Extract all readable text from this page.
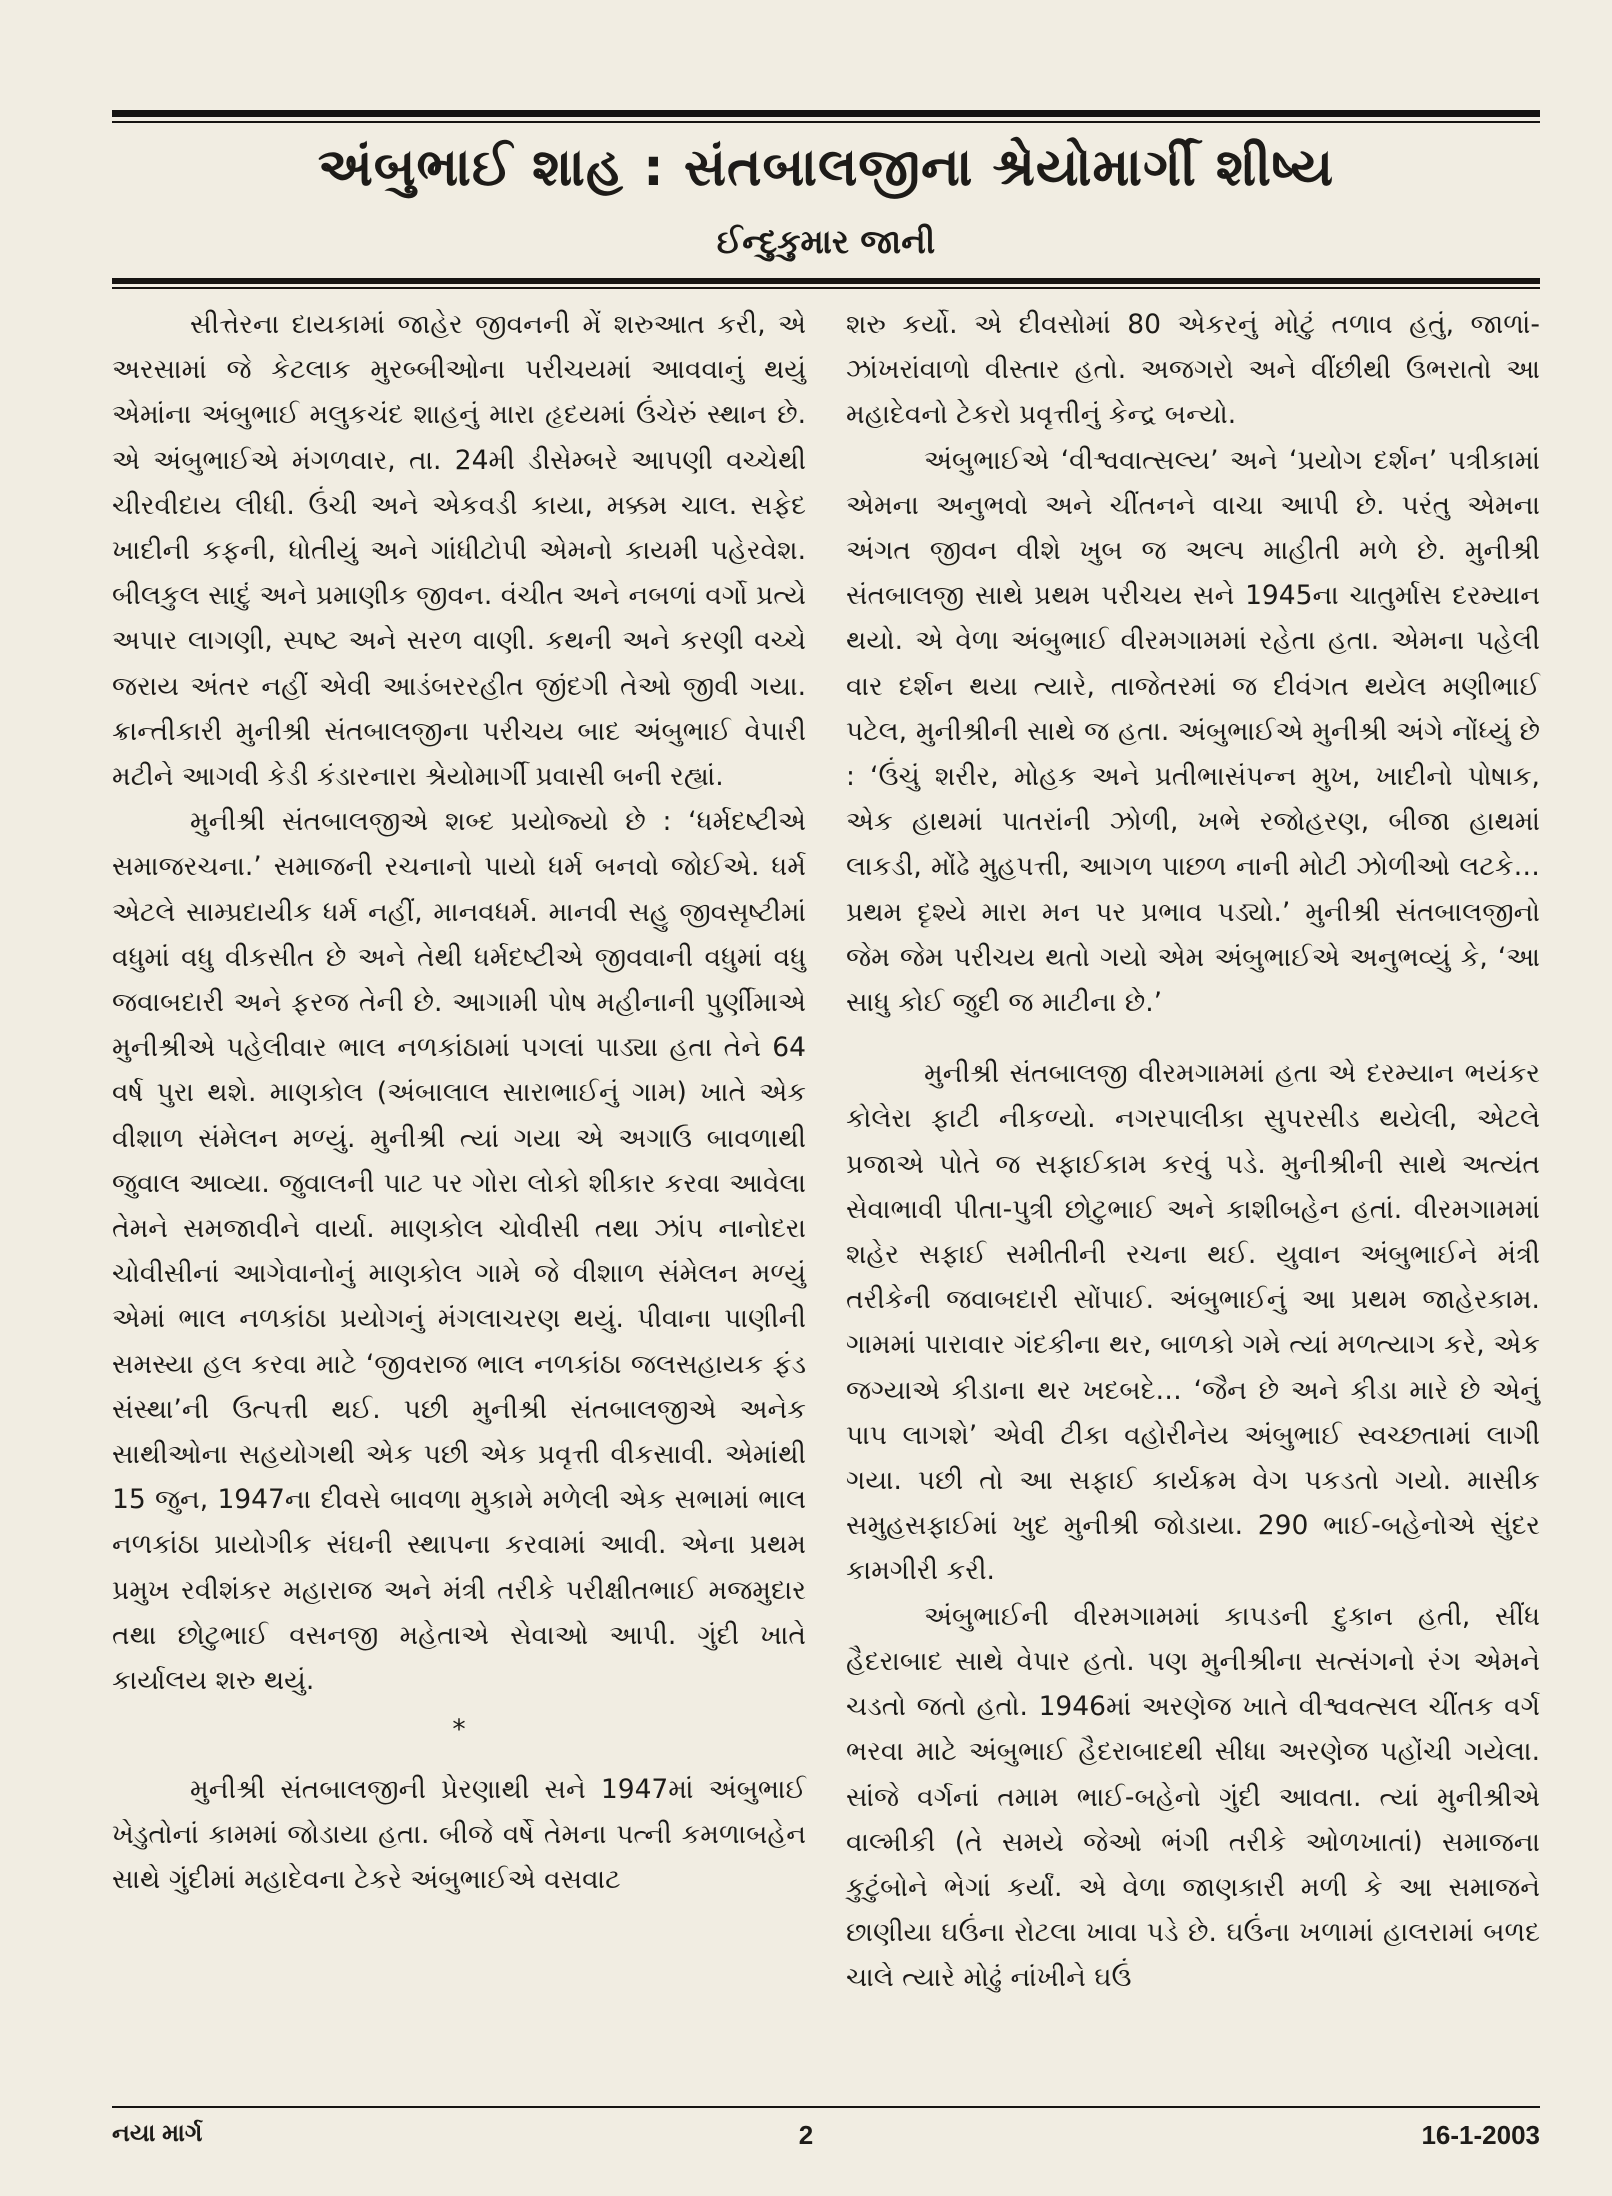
અંબુભાઈ શાહ : સંતબાલજીના શ્રેયોમાર્ગી શીષ્ય
ઈન્દુકુમાર જાની

સીત્તેરના દાયકામાં જાહેર જીવનની મેં શરુઆત કરી, એ અરસામાં જે કેટલાક મુરબ્બીઓના પરીચયમાં આવવાનું થયું એમાંના અંબુભાઈ મલુકચંદ શાહનું મારા હૃદયમાં ઉંચેરું સ્થાન છે. એ અંબુભાઈએ મંગળવાર, તા. 24મી ડીસેમ્બરે આપણી વચ્ચેથી ચીરવીદાય લીધી. ઉંચી અને એકવડી કાયા, મક્કમ ચાલ. સફેદ ખાદીની કફની, ધોતીયું અને ગાંધીટોપી એમનો કાયમી પહેરવેશ. બીલકુલ સાદું અને પ્રમાણીક જીવન. વંચીત અને નબળાં વર્ગો પ્રત્યે અપાર લાગણી, સ્પષ્ટ અને સરળ વાણી. કથની અને કરણી વચ્ચે જરાય અંતર નહીં એવી આડંબરરહીત જીંદગી તેઓ જીવી ગયા. ક્રાન્તીકારી મુનીશ્રી સંતબાલજીના પરીચય બાદ અંબુભાઈ વેપારી મટીને આગવી કેડી કંડારનારા શ્રેયોમાર્ગી પ્રવાસી બની રહ્યાં.

મુનીશ્રી સંતબાલજીએ શબ્દ પ્રયોજ્યો છે : ‘ધર્મદષ્ટીએ સમાજરચના.’ સમાજની રચનાનો પાયો ધર્મ બનવો જોઈએ. ધર્મ એટલે સામ્પ્રદાયીક ધર્મ નહીં, માનવધર્મ. માનવી સહુ જીવસૃષ્ટીમાં વધુમાં વધુ વીકસીત છે અને તેથી ધર્મદષ્ટીએ જીવવાની વધુમાં વધુ જવાબદારી અને ફરજ તેની છે. આગામી પોષ મહીનાની પુર્ણીમાએ મુનીશ્રીએ પહેલીવાર ભાલ નળકાંઠામાં પગલાં પાડ્યા હતા તેને 64 વર્ષ પુરા થશે. માણકોલ (અંબાલાલ સારાભાઈનું ગામ) ખાતે એક વીશાળ સંમેલન મળ્યું. મુનીશ્રી ત્યાં ગયા એ અગાઉ બાવળાથી જુવાલ આવ્યા. જુવાલની પાટ પર ગોરા લોકો શીકાર કરવા આવેલા તેમને સમજાવીને વાર્યા. માણકોલ ચોવીસી તથા ઝાંપ નાનોદરા ચોવીસીનાં આગેવાનોનું માણકોલ ગામે જે વીશાળ સંમેલન મળ્યું એમાં ભાલ નળકાંઠા પ્રયોગનું મંગલાચરણ થયું. પીવાના પાણીની સમસ્યા હલ કરવા માટે ‘જીવરાજ ભાલ નળકાંઠા જલસહાયક ફંડ સંસ્થા’ની ઉત્પત્તી થઈ. પછી મુનીશ્રી સંતબાલજીએ અનેક સાથીઓના સહયોગથી એક પછી એક પ્રવૃત્તી વીકસાવી. એમાંથી 15 જુન, 1947ના દીવસે બાવળા મુકામે મળેલી એક સભામાં ભાલ નળકાંઠા પ્રાયોગીક સંઘની સ્થાપના કરવામાં આવી. એના પ્રથમ પ્રમુખ રવીશંકર મહારાજ અને મંત્રી તરીકે પરીક્ષીતભાઈ મજમુદાર તથા છોટુભાઈ વસનજી મહેતાએ સેવાઓ આપી. ગુંદી ખાતે કાર્યાલય શરુ થયું.

*

મુનીશ્રી સંતબાલજીની પ્રેરણાથી સને 1947માં અંબુભાઈ ખેડુતોનાં કામમાં જોડાયા હતા. બીજે વર્ષે તેમના પત્ની કમળાબહેન સાથે ગુંદીમાં મહાદેવના ટેકરે અંબુભાઈએ વસવાટ

શરુ કર્યો. એ દીવસોમાં 80 એકરનું મોટું તળાવ હતું, જાળાં-ઝાંખરાંવાળો વીસ્તાર હતો. અજગરો અને વીંછીથી ઉભરાતો આ મહાદેવનો ટેકરો પ્રવૃત્તીનું કેન્દ્ર બન્યો.

અંબુભાઈએ ‘વીશ્વવાત્સલ્ય’ અને ‘પ્રયોગ દર્શન’ પત્રીકામાં એમના અનુભવો અને ચીંતનને વાચા આપી છે. પરંતુ એમના અંગત જીવન વીશે ખુબ જ અલ્પ માહીતી મળે છે. મુનીશ્રી સંતબાલજી સાથે પ્રથમ પરીચય સને 1945ના ચાતુર્માસ દરમ્યાન થયો. એ વેળા અંબુભાઈ વીરમગામમાં રહેતા હતા. એમના પહેલી વાર દર્શન થયા ત્યારે, તાજેતરમાં જ દીવંગત થયેલ મણીભાઈ પટેલ, મુનીશ્રીની સાથે જ હતા. અંબુભાઈએ મુનીશ્રી અંગે નોંધ્યું છે : ‘ઉંચું શરીર, મોહક અને પ્રતીભાસંપન્ન મુખ, ખાદીનો પોષાક, એક હાથમાં પાતરાંની ઝોળી, ખભે રજોહરણ, બીજા હાથમાં લાકડી, મોંઢે મુહપત્તી, આગળ પાછળ નાની મોટી ઝોળીઓ લટકે… પ્રથમ દૃશ્યે મારા મન પર પ્રભાવ પડ્યો.’ મુનીશ્રી સંતબાલજીનો જેમ જેમ પરીચય થતો ગયો એમ અંબુભાઈએ અનુભવ્યું કે, ‘આ સાધુ કોઈ જુદી જ માટીના છે.’

મુનીશ્રી સંતબાલજી વીરમગામમાં હતા એ દરમ્યાન ભયંકર કોલેરા ફાટી નીકળ્યો. નગરપાલીકા સુપરસીડ થયેલી, એટલે પ્રજાએ પોતે જ સફાઈકામ કરવું પડે. મુનીશ્રીની સાથે અત્યંત સેવાભાવી પીતા-પુત્રી છોટુભાઈ અને કાશીબહેન હતાં. વીરમગામમાં શહેર સફાઈ સમીતીની રચના થઈ. યુવાન અંબુભાઈને મંત્રી તરીકેની જવાબદારી સોંપાઈ. અંબુભાઈનું આ પ્રથમ જાહેરકામ. ગામમાં પારાવાર ગંદકીના થર, બાળકો ગમે ત્યાં મળત્યાગ કરે, એક જગ્યાએ કીડાના થર ખદબદે… ‘જૈન છે અને કીડા મારે છે એનું પાપ લાગશે’ એવી ટીકા વહોરીનેય અંબુભાઈ સ્વચ્છતામાં લાગી ગયા. પછી તો આ સફાઈ કાર્યક્રમ વેગ પકડતો ગયો. માસીક સમુહસફાઈમાં ખુદ મુનીશ્રી જોડાયા. 290 ભાઈ-બહેનોએ સુંદર કામગીરી કરી.

અંબુભાઈની વીરમગામમાં કાપડની દુકાન હતી, સીંધ હૈદરાબાદ સાથે વેપાર હતો. પણ મુનીશ્રીના સત્સંગનો રંગ એમને ચડતો જતો હતો. 1946માં અરણેજ ખાતે વીશ્વવત્સલ ચીંતક વર્ગ ભરવા માટે અંબુભાઈ હૈદરાબાદથી સીધા અરણેજ પહોંચી ગયેલા. સાંજે વર્ગનાં તમામ ભાઈ-બહેનો ગુંદી આવતા. ત્યાં મુનીશ્રીએ વાલ્મીકી (તે સમયે જેઓ ભંગી તરીકે ઓળખાતાં) સમાજના કુટુંબોને ભેગાં કર્યાં. એ વેળા જાણકારી મળી કે આ સમાજને છાણીયા ઘઉંના રોટલા ખાવા પડે છે. ઘઉંના ખળામાં હાલરામાં બળદ ચાલે ત્યારે મોઢું નાંખીને ઘઉં

નયા માર્ગ	2	16-1-2003
